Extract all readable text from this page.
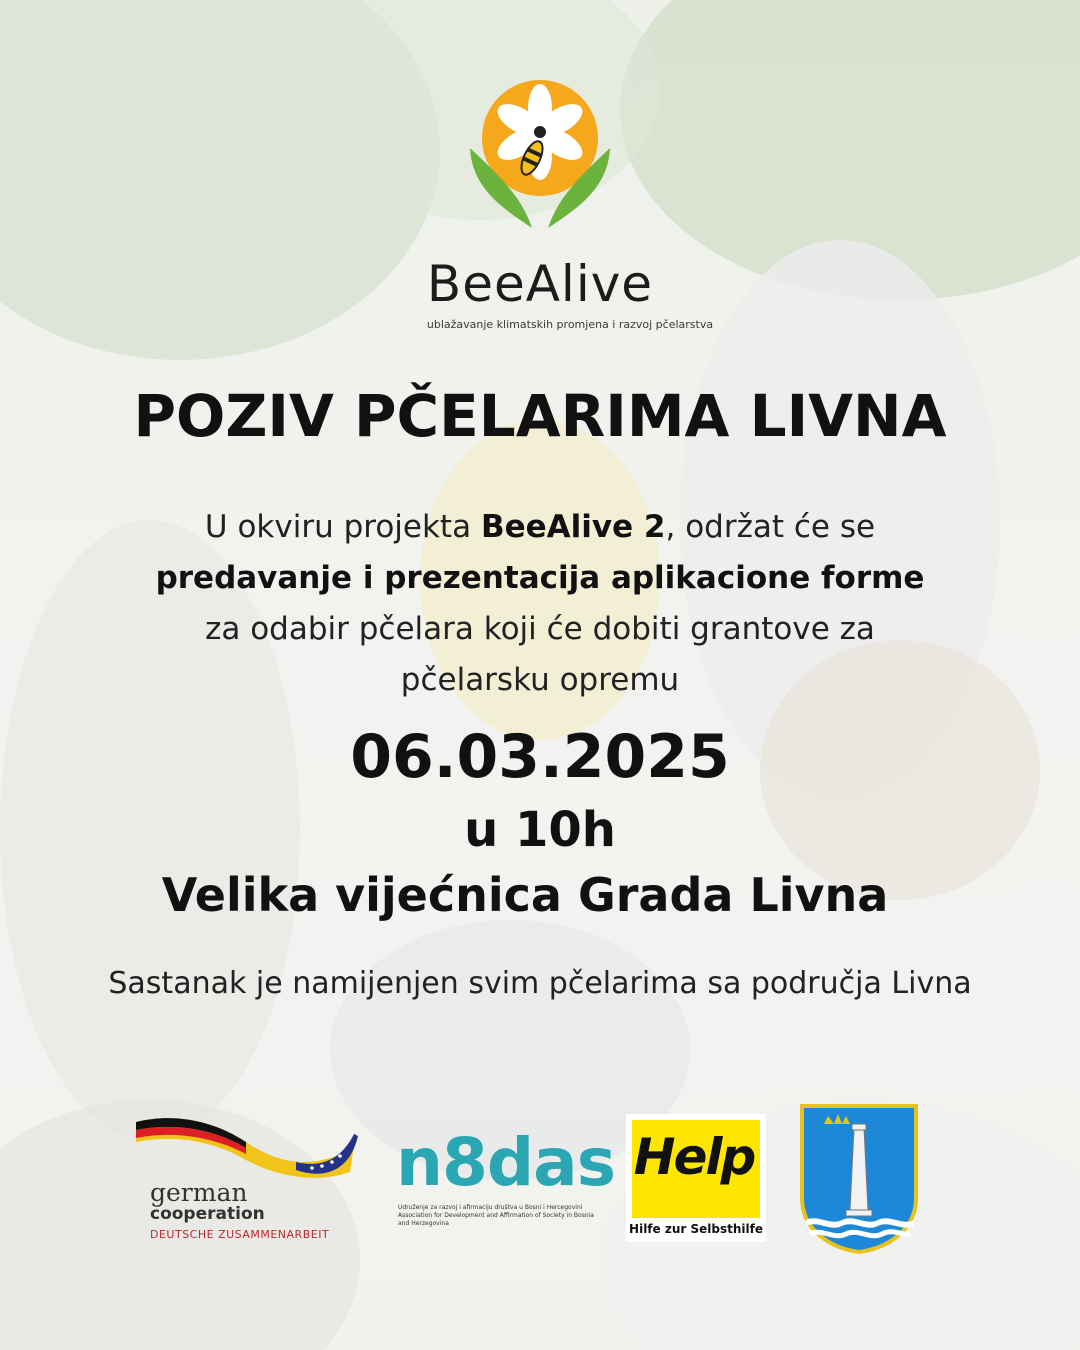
BeeAlive
ublažavanje klimatskih promjena i razvoj pčelarstva
POZIV PČELARIMA LIVNA
U okviru projekta BeeAlive 2, održat će se
predavanje i prezentacija aplikacione forme
za odabir pčelara koji će dobiti grantove za
pčelarsku opremu
06.03.2025
u 10h
Velika vijećnica Grada Livna
Sastanak je namijenjen svim pčelarima sa područja Livna
german
cooperation
DEUTSCHE ZUSAMMENARBEIT
n8das
Udruženje za razvoj i afirmaciju društva u Bosni i Hercegovini
Association for Development and Affirmation of Society in Bosnia and Herzegovina
Help
Hilfe zur Selbsthilfe
